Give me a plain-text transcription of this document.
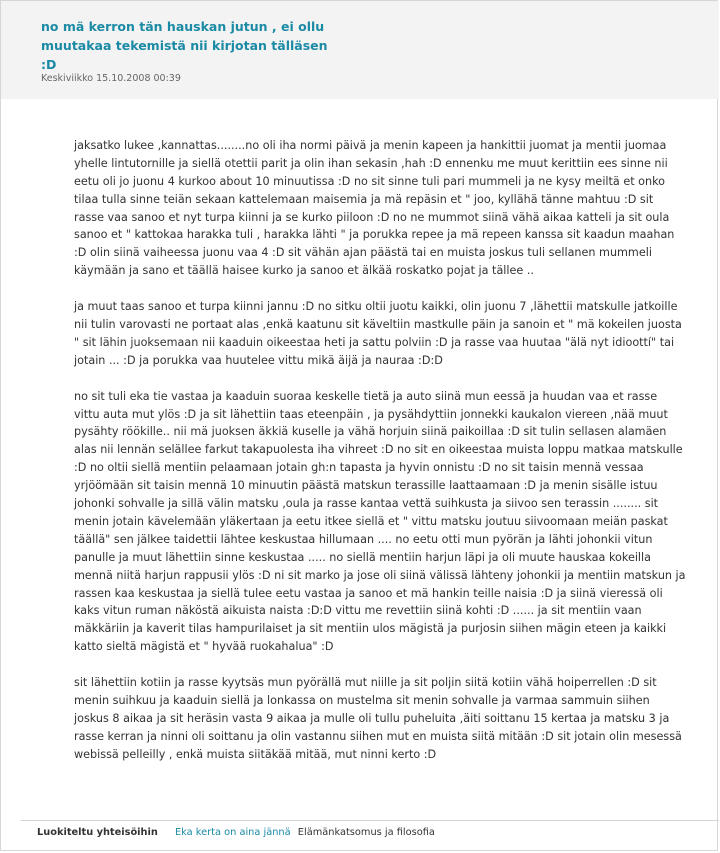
no mä kerron tän hauskan jutun , ei ollu muutakaa tekemistä nii kirjotan tälläsen :D
Keskiviikko 15.10.2008 00:39

jaksatko lukee ,kannattas........no oli iha normi päivä ja menin kapeen ja hankittii juomat ja mentii juomaa yhelle lintutornille ja siellä otettii parit ja olin ihan sekasin ,hah :D ennenku me muut kerittiin ees sinne nii eetu oli jo juonu 4 kurkoo about 10 minuutissa :D no sit sinne tuli pari mummeli ja ne kysy meiltä et onko tilaa tulla sinne teiän sekaan kattelemaan maisemia ja mä repäsin et " joo, kyllähä tänne mahtuu :D sit rasse vaa sanoo et nyt turpa kiinni ja se kurko piiloon :D no ne mummot siinä vähä aikaa katteli ja sit oula sanoo et " kattokaa harakka tuli , harakka lähti " ja porukka repee ja mä repeen kanssa sit kaadun maahan :D olin siinä vaiheessa juonu vaa 4 :D sit vähän ajan päästä tai en muista joskus tuli sellanen mummeli käymään ja sano et täällä haisee kurko ja sanoo et älkää roskatko pojat ja tällee ..

ja muut taas sanoo et turpa kiinni jannu :D no sitku oltii juotu kaikki, olin juonu 7 ,lähettii matskulle jatkoille nii tulin varovasti ne portaat alas ,enkä kaatunu sit käveltiin mastkulle päin ja sanoin et " mä kokeilen juosta " sit lähin juoksemaan nii kaaduin oikeestaa heti ja sattu polviin :D ja rasse vaa huutaa "älä nyt idioottí" tai jotain ... :D ja porukka vaa huutelee vittu mikä äijä ja nauraa :D:D

no sit tuli eka tie vastaa ja kaaduin suoraa keskelle tietä ja auto siinä mun eessä ja huudan vaa et rasse vittu auta mut ylös :D ja sit lähettiin taas eteenpäin , ja pysähdyttiin jonnekki kaukalon viereen ,nää muut pysähty röökille.. nii mä juoksen äkkiä kuselle ja vähä horjuin siinä paikoillaa :D sit tulin sellasen alamäen alas nii lennän selällee farkut takapuolesta iha vihreet :D no sit en oikeestaa muista loppu matkaa matskulle :D no oltii siellä mentiin pelaamaan jotain gh:n tapasta ja hyvin onnistu :D no sit taisin mennä vessaa yrjöömään sit taisin mennä 10 minuutin päästä matskun terassille laattaamaan :D ja menin sisälle istuu johonki sohvalle ja sillä välin matsku ,oula ja rasse kantaa vettä suihkusta ja siivoo sen terassin ........ sit menin jotain kävelemään yläkertaan ja eetu itkee siellä et " vittu matsku joutuu siivoomaan meiän paskat täällä" sen jälkee taidettii lähtee keskustaa hillumaan .... no eetu otti mun pyörän ja lähti johonkii vitun panulle ja muut lähettiin sinne keskustaa ..... no siellä mentiin harjun läpi ja oli muute hauskaa kokeilla mennä niitä harjun rappusii ylös :D ni sit marko ja jose oli siinä välissä lähteny johonkii ja mentiin matskun ja rassen kaa keskustaa ja siellä tulee eetu vastaa ja sanoo et mä hankin teille naisia :D ja siinä vieressä oli kaks vitun ruman näköstä aikuista naista :D:D vittu me revettiin siinä kohti :D ...... ja sit mentiin vaan mäkkäriin ja kaverit tilas hampurilaiset ja sit mentiin ulos mägistä ja purjosin siihen mägin eteen ja kaikki katto sieltä mägistä et " hyvää ruokahalua" :D

sit lähettiin kotiin ja rasse kyytsäs mun pyörällä mut niille ja sit poljin siitä kotiin vähä hoiperrellen :D sit menin suihkuu ja kaaduin siellä ja lonkassa on mustelma sit menin sohvalle ja varmaa sammuin siihen joskus 8 aikaa ja sit heräsin vasta 9 aikaa ja mulle oli tullu puheluita ,äiti soittanu 15 kertaa ja matsku 3 ja rasse kerran ja ninni oli soittanu ja olin vastannu siihen mut en muista siitä mitään :D sit jotain olin mesessä webissä pelleilly , enkä muista siitäkää mitää, mut ninni kerto :D

Luokiteltu yhteisöihin Eka kerta on aina jännä Elämänkatsomus ja filosofia
